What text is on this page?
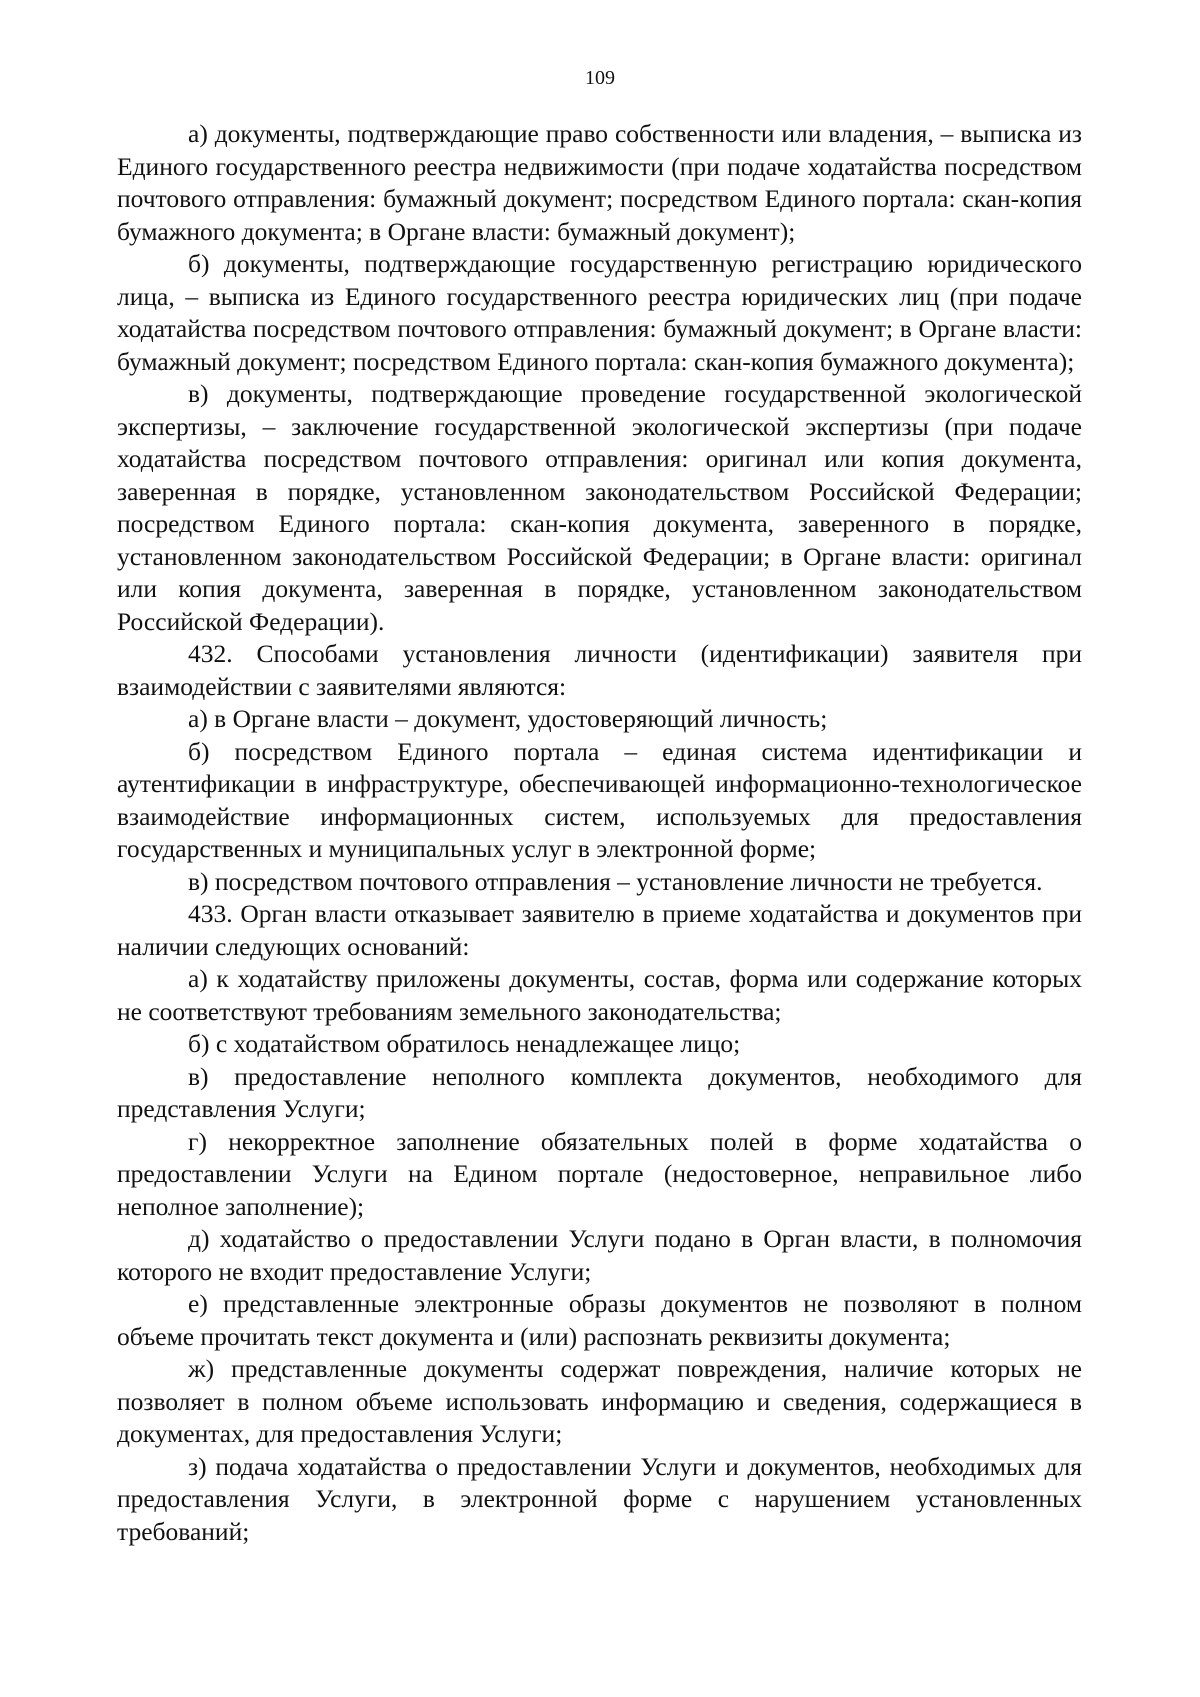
109

а) документы, подтверждающие право собственности или владения, – выписка из Единого государственного реестра недвижимости (при подаче ходатайства посредством почтового отправления: бумажный документ; посредством Единого портала: скан-копия бумажного документа; в Органе власти: бумажный документ);

б) документы, подтверждающие государственную регистрацию юридического лица, – выписка из Единого государственного реестра юридических лиц (при подаче ходатайства посредством почтового отправления: бумажный документ; в Органе власти: бумажный документ; посредством Единого портала: скан-копия бумажного документа);

в) документы, подтверждающие проведение государственной экологической экспертизы, – заключение государственной экологической экспертизы (при подаче ходатайства посредством почтового отправления: оригинал или копия документа, заверенная в порядке, установленном законодательством Российской Федерации; посредством Единого портала: скан-копия документа, заверенного в порядке, установленном законодательством Российской Федерации; в Органе власти: оригинал или копия документа, заверенная в порядке, установленном законодательством Российской Федерации).

432. Способами установления личности (идентификации) заявителя при взаимодействии с заявителями являются:

а) в Органе власти – документ, удостоверяющий личность;

б) посредством Единого портала – единая система идентификации и аутентификации в инфраструктуре, обеспечивающей информационно-технологическое взаимодействие информационных систем, используемых для предоставления государственных и муниципальных услуг в электронной форме;

в) посредством почтового отправления – установление личности не требуется.

433. Орган власти отказывает заявителю в приеме ходатайства и документов при наличии следующих оснований:

а) к ходатайству приложены документы, состав, форма или содержание которых не соответствуют требованиям земельного законодательства;

б) с ходатайством обратилось ненадлежащее лицо;

в) предоставление неполного комплекта документов, необходимого для представления Услуги;

г) некорректное заполнение обязательных полей в форме ходатайства о предоставлении Услуги на Едином портале (недостоверное, неправильное либо неполное заполнение);

д) ходатайство о предоставлении Услуги подано в Орган власти, в полномочия которого не входит предоставление Услуги;

е) представленные электронные образы документов не позволяют в полном объеме прочитать текст документа и (или) распознать реквизиты документа;

ж) представленные документы содержат повреждения, наличие которых не позволяет в полном объеме использовать информацию и сведения, содержащиеся в документах, для предоставления Услуги;

з) подача ходатайства о предоставлении Услуги и документов, необходимых для предоставления Услуги, в электронной форме с нарушением установленных требований;
